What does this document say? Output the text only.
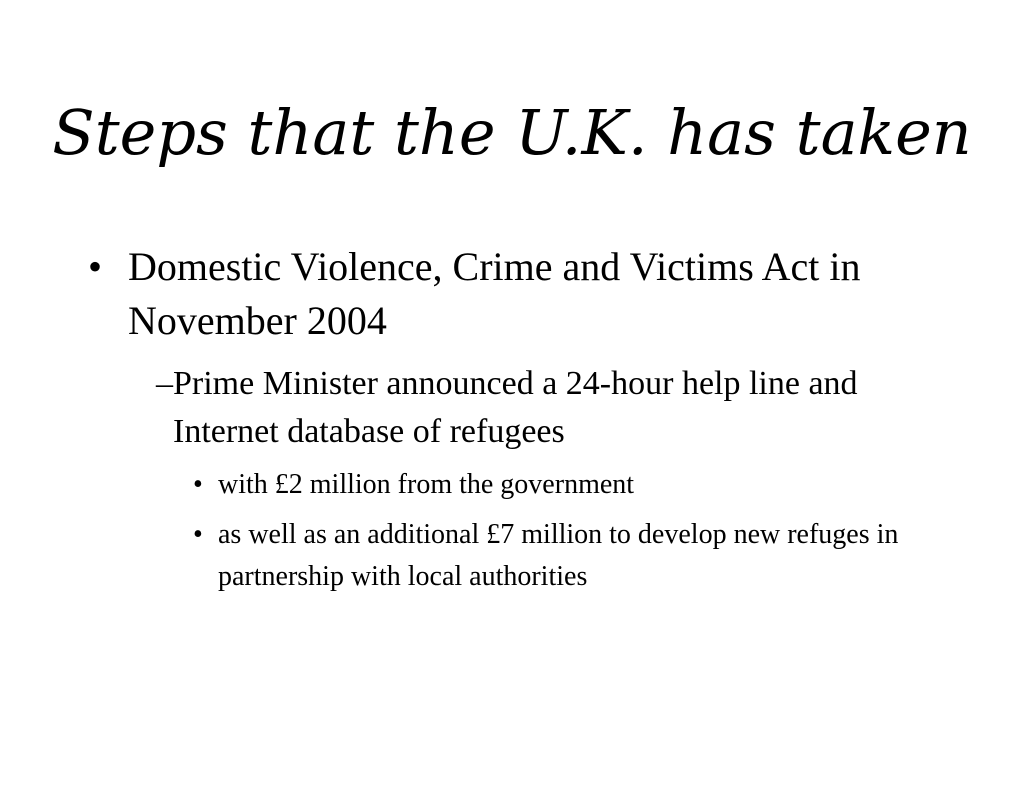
Steps that the U.K. has taken
• Domestic Violence, Crime and Victims Act in November 2004
– Prime Minister announced a 24-hour help line and Internet database of refugees
• with £2 million from the government
• as well as an additional £7 million to develop new refuges in partnership with local authorities
